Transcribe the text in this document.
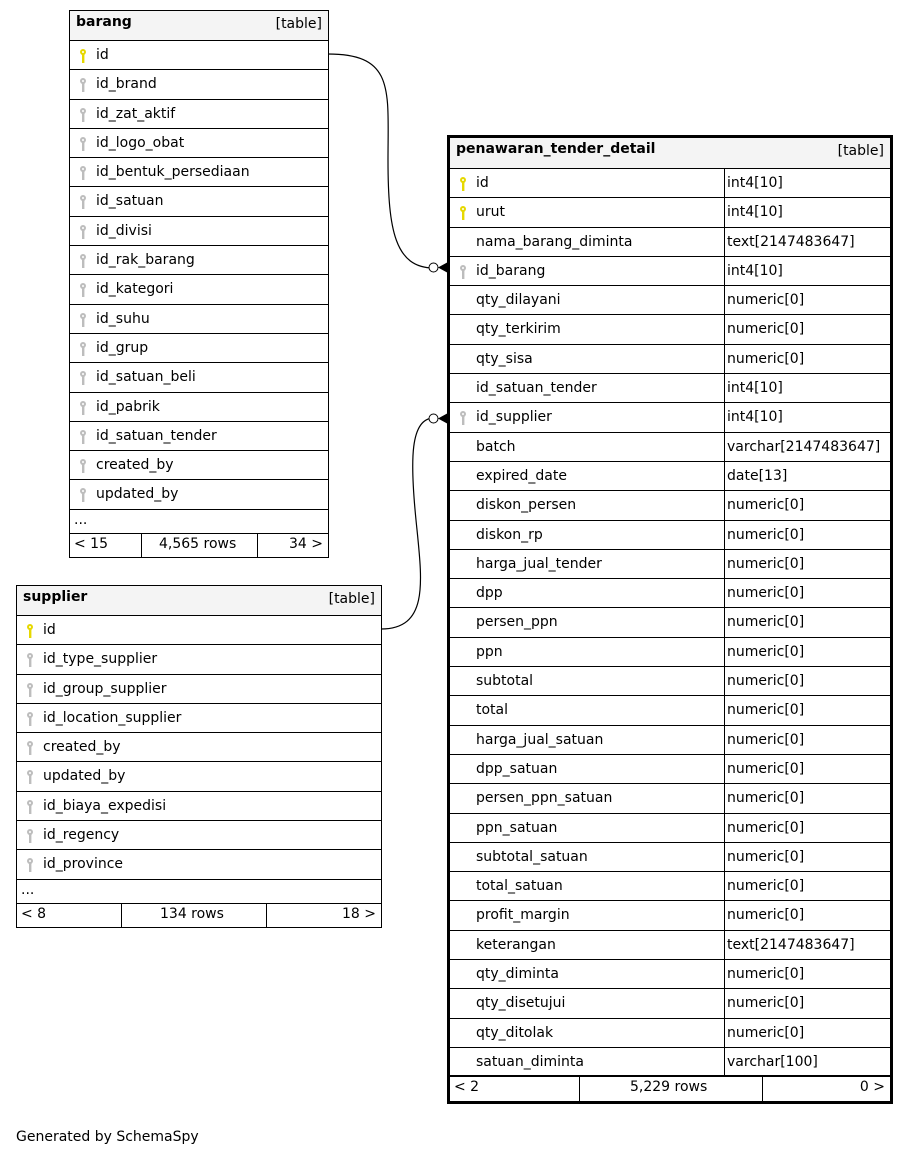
barang	[table]
id
id_brand
id_zat_aktif
id_logo_obat
id_bentuk_persediaan
id_satuan
id_divisi
id_rak_barang
id_kategori
id_suhu
id_grup
id_satuan_beli
id_pabrik
id_satuan_tender
created_by
updated_by
...
< 15	4,565 rows	34 >
supplier	[table]
id
id_type_supplier
id_group_supplier
id_location_supplier
created_by
updated_by
id_biaya_expedisi
id_regency
id_province
...
< 8	134 rows	18 >
penawaran_tender_detail	[table]
id	int4[10]
urut	int4[10]
nama_barang_diminta	text[2147483647]
id_barang	int4[10]
qty_dilayani	numeric[0]
qty_terkirim	numeric[0]
qty_sisa	numeric[0]
id_satuan_tender	int4[10]
id_supplier	int4[10]
batch	varchar[2147483647]
expired_date	date[13]
diskon_persen	numeric[0]
diskon_rp	numeric[0]
harga_jual_tender	numeric[0]
dpp	numeric[0]
persen_ppn	numeric[0]
ppn	numeric[0]
subtotal	numeric[0]
total	numeric[0]
harga_jual_satuan	numeric[0]
dpp_satuan	numeric[0]
persen_ppn_satuan	numeric[0]
ppn_satuan	numeric[0]
subtotal_satuan	numeric[0]
total_satuan	numeric[0]
profit_margin	numeric[0]
keterangan	text[2147483647]
qty_diminta	numeric[0]
qty_disetujui	numeric[0]
qty_ditolak	numeric[0]
satuan_diminta	varchar[100]
< 2	5,229 rows	0 >
Generated by SchemaSpy
